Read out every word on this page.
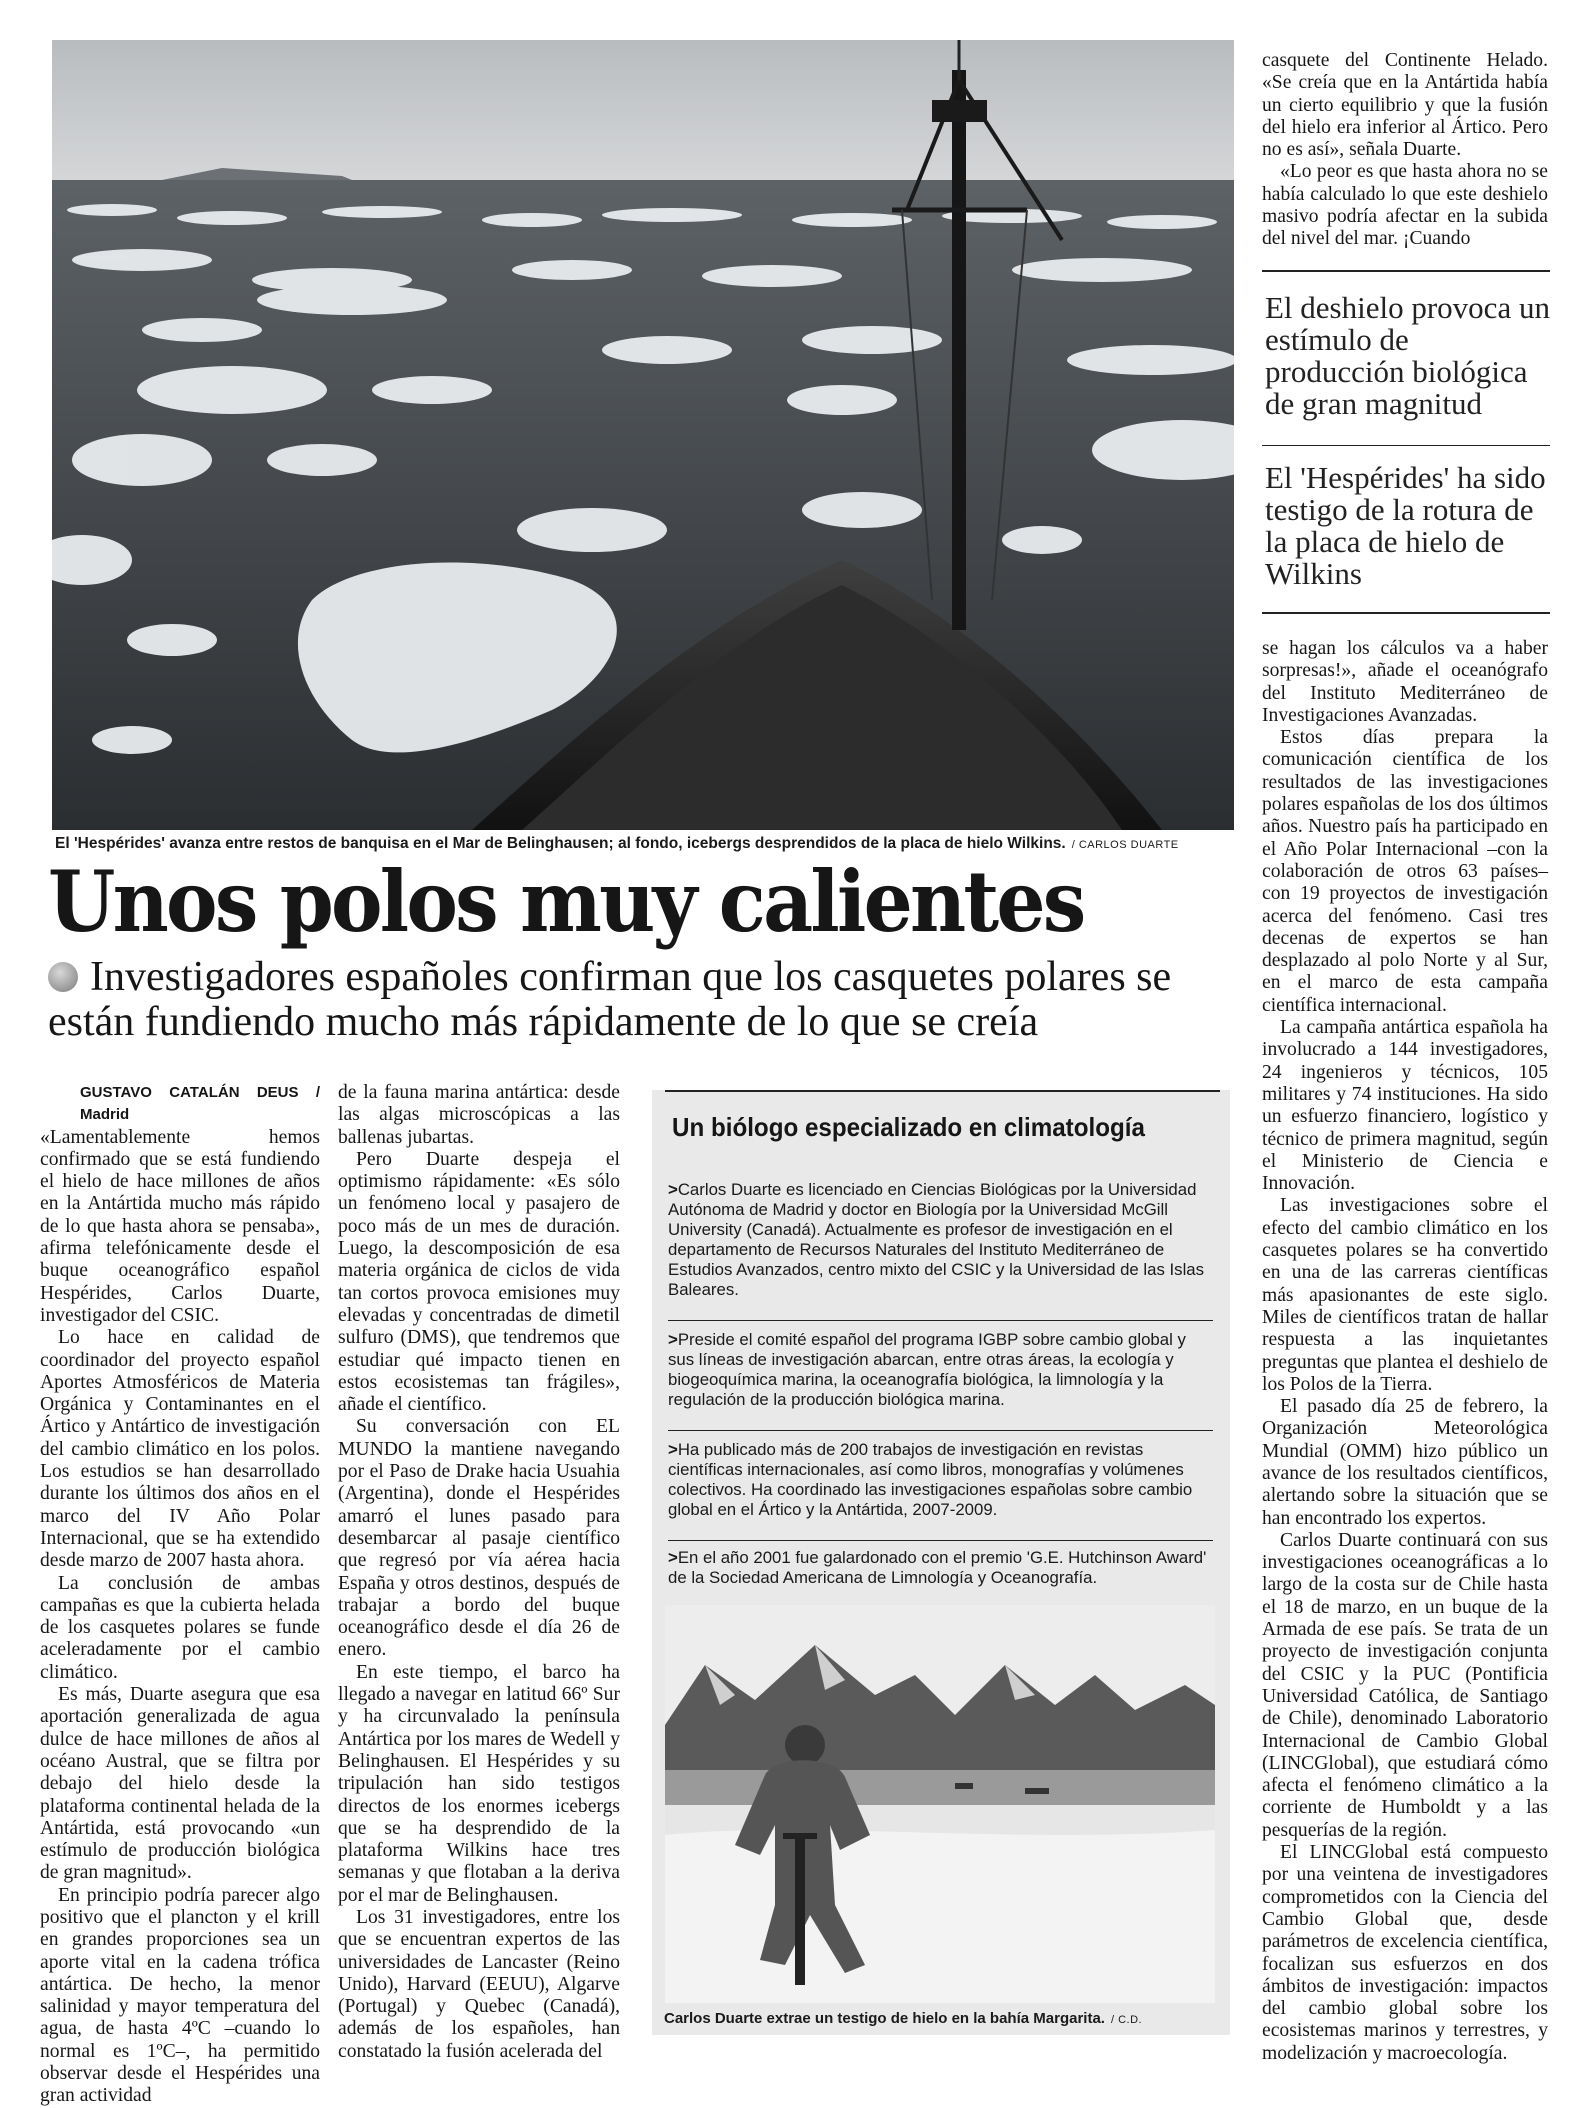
El 'Hespérides' avanza entre restos de banquisa en el Mar de Belinghausen; al fondo, icebergs desprendidos de la placa de hielo Wilkins. / CARLOS DUARTE
Unos polos muy calientes
Investigadores españoles confirman que los casquetes polares se están fundiendo mucho más rápidamente de lo que se creía
GUSTAVO CATALÁN DEUS / Madrid

«Lamentablemente hemos confirmado que se está fundiendo el hielo de hace millones de años en la Antártida mucho más rápido de lo que hasta ahora se pensaba», afirma telefónicamente desde el buque oceanográfico español Hespérides, Carlos Duarte, investigador del CSIC.

Lo hace en calidad de coordinador del proyecto español Aportes Atmosféricos de Materia Orgánica y Contaminantes en el Ártico y Antártico de investigación del cambio climático en los polos. Los estudios se han desarrollado durante los últimos dos años en el marco del IV Año Polar Internacional, que se ha extendido desde marzo de 2007 hasta ahora.

La conclusión de ambas campañas es que la cubierta helada de los casquetes polares se funde aceleradamente por el cambio climático.

Es más, Duarte asegura que esa aportación generalizada de agua dulce de hace millones de años al océano Austral, que se filtra por debajo del hielo desde la plataforma continental helada de la Antártida, está provocando «un estímulo de producción biológica de gran magnitud».

En principio podría parecer algo positivo que el plancton y el krill en grandes proporciones sea un aporte vital en la cadena trófica antártica. De hecho, la menor salinidad y mayor temperatura del agua, de hasta 4ºC –cuando lo normal es 1ºC–, ha permitido observar desde el Hespérides una gran actividad

de la fauna marina antártica: desde las algas microscópicas a las ballenas jubartas.

Pero Duarte despeja el optimismo rápidamente: «Es sólo un fenómeno local y pasajero de poco más de un mes de duración. Luego, la descomposición de esa materia orgánica de ciclos de vida tan cortos provoca emisiones muy elevadas y concentradas de dimetil sulfuro (DMS), que tendremos que estudiar qué impacto tienen en estos ecosistemas tan frágiles», añade el científico.

Su conversación con EL MUNDO la mantiene navegando por el Paso de Drake hacia Usuahia (Argentina), donde el Hespérides amarró el lunes pasado para desembarcar al pasaje científico que regresó por vía aérea hacia España y otros destinos, después de trabajar a bordo del buque oceanográfico desde el día 26 de enero.

En este tiempo, el barco ha llegado a navegar en latitud 66º Sur y ha circunvalado la península Antártica por los mares de Wedell y Belinghausen. El Hespérides y su tripulación han sido testigos directos de los enormes icebergs que se ha desprendido de la plataforma Wilkins hace tres semanas y que flotaban a la deriva por el mar de Belinghausen.

Los 31 investigadores, entre los que se encuentran expertos de las universidades de Lancaster (Reino Unido), Harvard (EEUU), Algarve (Portugal) y Quebec (Canadá), además de los españoles, han constatado la fusión acelerada del

Un biólogo especializado en climatología
>Carlos Duarte es licenciado en Ciencias Biológicas por la Universidad Autónoma de Madrid y doctor en Biología por la Universidad McGill University (Canadá). Actualmente es profesor de investigación en el departamento de Recursos Naturales del Instituto Mediterráneo de Estudios Avanzados, centro mixto del CSIC y la Universidad de las Islas Baleares.
>Preside el comité español del programa IGBP sobre cambio global y sus líneas de investigación abarcan, entre otras áreas, la ecología y biogeoquímica marina, la oceanografía biológica, la limnología y la regulación de la producción biológica marina.
>Ha publicado más de 200 trabajos de investigación en revistas científicas internacionales, así como libros, monografías y volúmenes colectivos. Ha coordinado las investigaciones españolas sobre cambio global en el Ártico y la Antártida, 2007-2009.
>En el año 2001 fue galardonado con el premio 'G.E. Hutchinson Award' de la Sociedad Americana de Limnología y Oceanografía.
Carlos Duarte extrae un testigo de hielo en la bahía Margarita. / C.D.

casquete del Continente Helado. «Se creía que en la Antártida había un cierto equilibrio y que la fusión del hielo era inferior al Ártico. Pero no es así», señala Duarte.

«Lo peor es que hasta ahora no se había calculado lo que este deshielo masivo podría afectar en la subida del nivel del mar. ¡Cuando

El deshielo provoca un estímulo de producción biológica de gran magnitud
El 'Hespérides' ha sido testigo de la rotura de la placa de hielo de Wilkins

se hagan los cálculos va a haber sorpresas!», añade el oceanógrafo del Instituto Mediterráneo de Investigaciones Avanzadas.

Estos días prepara la comunicación científica de los resultados de las investigaciones polares españolas de los dos últimos años. Nuestro país ha participado en el Año Polar Internacional –con la colaboración de otros 63 países– con 19 proyectos de investigación acerca del fenómeno. Casi tres decenas de expertos se han desplazado al polo Norte y al Sur, en el marco de esta campaña científica internacional.

La campaña antártica española ha involucrado a 144 investigadores, 24 ingenieros y técnicos, 105 militares y 74 instituciones. Ha sido un esfuerzo financiero, logístico y técnico de primera magnitud, según el Ministerio de Ciencia e Innovación.

Las investigaciones sobre el efecto del cambio climático en los casquetes polares se ha convertido en una de las carreras científicas más apasionantes de este siglo. Miles de científicos tratan de hallar respuesta a las inquietantes preguntas que plantea el deshielo de los Polos de la Tierra.

El pasado día 25 de febrero, la Organización Meteorológica Mundial (OMM) hizo público un avance de los resultados científicos, alertando sobre la situación que se han encontrado los expertos.

Carlos Duarte continuará con sus investigaciones oceanográficas a lo largo de la costa sur de Chile hasta el 18 de marzo, en un buque de la Armada de ese país. Se trata de un proyecto de investigación conjunta del CSIC y la PUC (Pontificia Universidad Católica, de Santiago de Chile), denominado Laboratorio Internacional de Cambio Global (LINCGlobal), que estudiará cómo afecta el fenómeno climático a la corriente de Humboldt y a las pesquerías de la región.

El LINCGlobal está compuesto por una veintena de investigadores comprometidos con la Ciencia del Cambio Global que, desde parámetros de excelencia científica, focalizan sus esfuerzos en dos ámbitos de investigación: impactos del cambio global sobre los ecosistemas marinos y terrestres, y modelización y macroecología.
